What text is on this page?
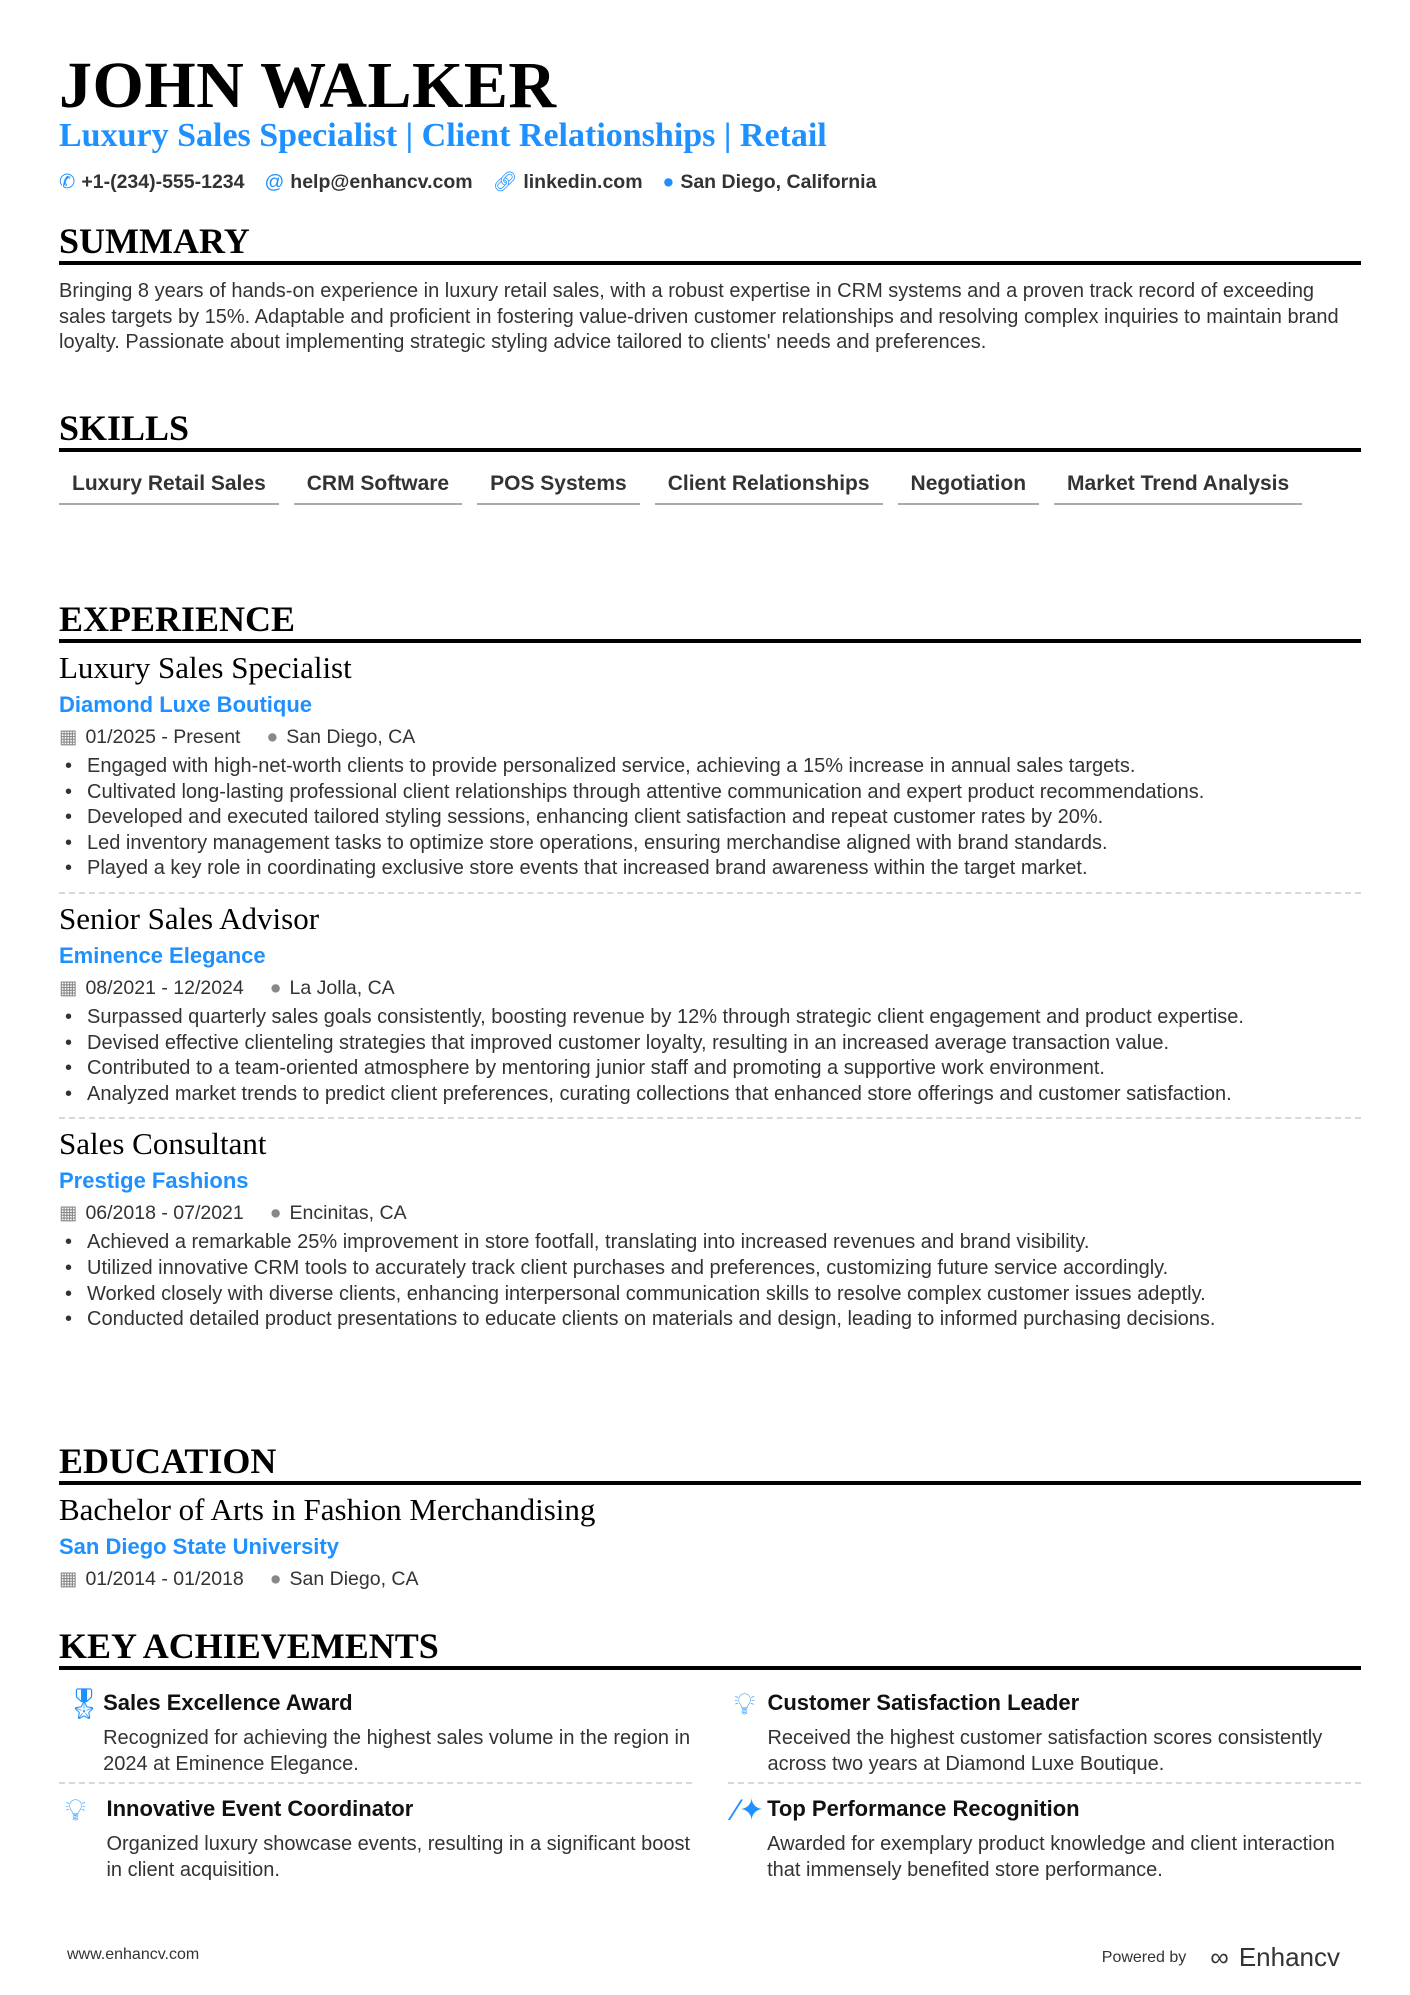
JOHN WALKER
Luxury Sales Specialist | Client Relationships | Retail
✆ +1-(234)-555-1234 @ help@enhancv.com 🔗︎ linkedin.com ● San Diego, California
SUMMARY

Bringing 8 years of hands-on experience in luxury retail sales, with a robust expertise in CRM systems and a proven track record of exceeding sales targets by 15%. Adaptable and proficient in fostering value-driven customer relationships and resolving complex inquiries to maintain brand loyalty. Passionate about implementing strategic styling advice tailored to clients' needs and preferences.

SKILLS
Luxury Retail Sales	CRM Software	POS Systems	Client Relationships	Negotiation	Market Trend Analysis
EXPERIENCE
Luxury Sales Specialist
Diamond Luxe Boutique
▦ 01/2025 - Present ● San Diego, CA
• Engaged with high-net-worth clients to provide personalized service, achieving a 15% increase in annual sales targets.
• Cultivated long-lasting professional client relationships through attentive communication and expert product recommendations.
• Developed and executed tailored styling sessions, enhancing client satisfaction and repeat customer rates by 20%.
• Led inventory management tasks to optimize store operations, ensuring merchandise aligned with brand standards.
• Played a key role in coordinating exclusive store events that increased brand awareness within the target market.
Senior Sales Advisor
Eminence Elegance
▦ 08/2021 - 12/2024 ● La Jolla, CA
• Surpassed quarterly sales goals consistently, boosting revenue by 12% through strategic client engagement and product expertise.
• Devised effective clienteling strategies that improved customer loyalty, resulting in an increased average transaction value.
• Contributed to a team-oriented atmosphere by mentoring junior staff and promoting a supportive work environment.
• Analyzed market trends to predict client preferences, curating collections that enhanced store offerings and customer satisfaction.
Sales Consultant
Prestige Fashions
▦ 06/2018 - 07/2021 ● Encinitas, CA
• Achieved a remarkable 25% improvement in store footfall, translating into increased revenues and brand visibility.
• Utilized innovative CRM tools to accurately track client purchases and preferences, customizing future service accordingly.
• Worked closely with diverse clients, enhancing interpersonal communication skills to resolve complex customer issues adeptly.
• Conducted detailed product presentations to educate clients on materials and design, leading to informed purchasing decisions.
EDUCATION
Bachelor of Arts in Fashion Merchandising
San Diego State University
▦ 01/2014 - 01/2018 ● San Diego, CA
KEY ACHIEVEMENTS
🎖︎ Sales Excellence Award

Recognized for achieving the highest sales volume in the region in 2024 at Eminence Elegance.

💡︎ Customer Satisfaction Leader

Received the highest customer satisfaction scores consistently across two years at Diamond Luxe Boutique.

💡︎ Innovative Event Coordinator

Organized luxury showcase events, resulting in a significant boost in client acquisition.

⁄✦ Top Performance Recognition

Awarded for exemplary product knowledge and client interaction that immensely benefited store performance.

www.enhancv.com	Powered by ∞ Enhancv
